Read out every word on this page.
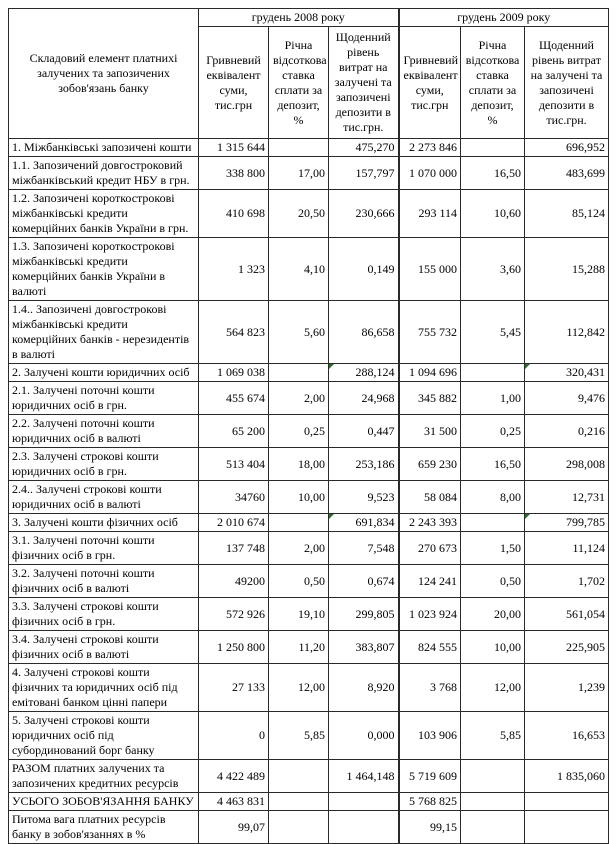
Складовий елемент платнихі залучених та запозичених зобов'язань банку	грудень 2008 року			грудень 2009 року		
	Гривневий еквівалент суми, тис.грн	Річна відсоткова ставка сплати за депозит, %	Щоденний рівень витрат на залучені та запозичені депозити в тис.грн.	Гривневий еквівалент суми, тис.грн	Річна відсоткова ставка сплати за депозит, %	Щоденний рівень витрат на залучені та запозичені депозити в тис.грн.
1. Міжбанківські запозичені кошти	1 315 644		475,270	2 273 846		696,952
1.1. Запозичений довгостроковий міжбанківський кредит НБУ в грн.	338 800	17,00	157,797	1 070 000	16,50	483,699
1.2. Запозичені короткострокові міжбанківські кредити комерційних банків України в грн.	410 698	20,50	230,666	293 114	10,60	85,124
1.3. Запозичені короткострокові міжбанківські кредити комерційних банків України в валюті	1 323	4,10	0,149	155 000	3,60	15,288
1.4.. Запозичені довгострокові міжбанківські кредити комерційних банків - нерезидентів в валюті	564 823	5,60	86,658	755 732	5,45	112,842
2. Залучені кошти юридичних осіб	1 069 038		288,124	1 094 696		320,431
2.1. Залучені поточні кошти юридичних осіб в грн.	455 674	2,00	24,968	345 882	1,00	9,476
2.2. Залучені поточні кошти юридичних осіб в валюті	65 200	0,25	0,447	31 500	0,25	0,216
2.3. Залучені строкові кошти юридичних осіб в грн.	513 404	18,00	253,186	659 230	16,50	298,008
2.4.. Залучені строкові кошти юридичних осіб в валюті	34760	10,00	9,523	58 084	8,00	12,731
3. Залучені кошти фізичних осіб	2 010 674		691,834	2 243 393		799,785
3.1. Залучені поточні кошти фізичних осіб в грн.	137 748	2,00	7,548	270 673	1,50	11,124
3.2. Залучені поточні кошти фізичних осіб в валюті	49200	0,50	0,674	124 241	0,50	1,702
3.3. Залучені строкові кошти фізичних осіб в грн.	572 926	19,10	299,805	1 023 924	20,00	561,054
3.4. Залучені строкові кошти фізичних осіб в валюті	1 250 800	11,20	383,807	824 555	10,00	225,905
4. Залучені строкові кошти фізичних та юридичних осіб під емітовані банком цінні папери	27 133	12,00	8,920	3 768	12,00	1,239
5. Залучені строкові кошти юридичних осіб під субординований борг банку	0	5,85	0,000	103 906	5,85	16,653
РАЗОМ платних залучених та запозичених кредитних ресурсів	4 422 489		1 464,148	5 719 609		1 835,060
УСЬОГО ЗОБОВ'ЯЗАННЯ БАНКУ	4 463 831			5 768 825		
Питома вага платних ресурсів банку в зобов'язаннях в %	99,07			99,15		
